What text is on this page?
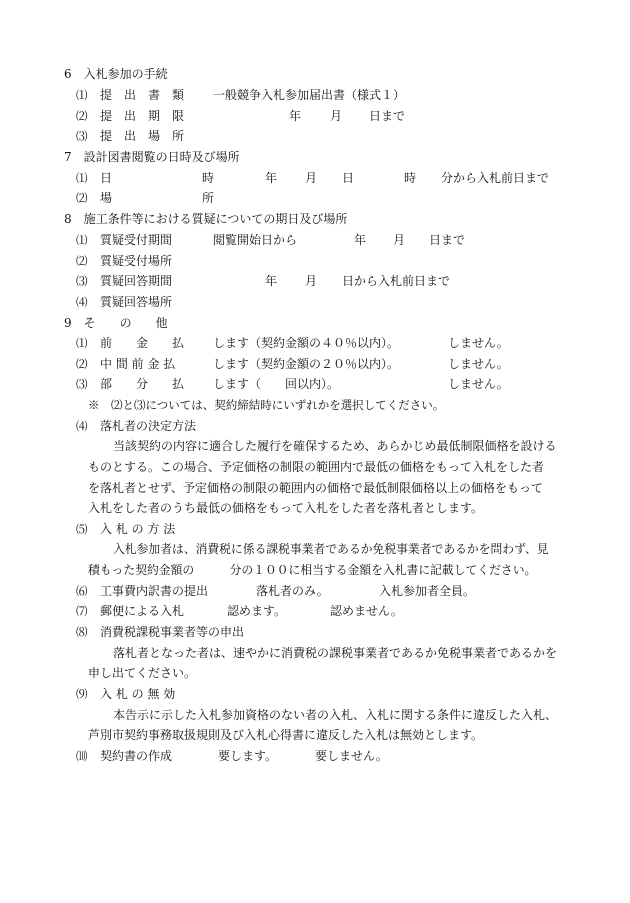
6　入札参加の手続
⑴ 提　出　書　類 一般競争入札参加届出書（様式１）
⑵ 提　出　期　限	年 月 日まで
⑶ 提　出　場　所
7　設計図書閲覧の日時及び場所
⑴ 日	時	年 月 日	時 分から入札前日まで
⑵ 場	所
8　施工条件等における質疑についての期日及び場所
⑴ 質疑受付期間	閲覧開始日から	年 月 日まで
⑵ 質疑受付場所
⑶ 質疑回答期間	年 月 日から入札前日まで
⑷ 質疑回答場所
9　そ　　の　　他
⑴ 前　　金　　払 します（契約金額の４０％以内）。	しません。
⑵ 中 間 前 金 払	します（契約金額の２０％以内）。	しません。
⑶ 部　　分　　払 します（　　回以内）。	しません。
※　⑵と⑶については、契約締結時にいずれかを選択してください。
⑷ 落札者の決定方法
当該契約の内容に適合した履行を確保するため、あらかじめ最低制限価格を設ける
ものとする。この場合、予定価格の制限の範囲内で最低の価格をもって入札をした者
を落札者とせず、予定価格の制限の範囲内の価格で最低制限価格以上の価格をもって
入札をした者のうち最低の価格をもって入札をした者を落札者とします。
⑸ 入 札 の 方 法
入札参加者は、消費税に係る課税事業者であるか免税事業者であるかを問わず、見
積もった契約金額の　　　分の１００に相当する金額を入札書に記載してください。
⑹ 工事費内訳書の提出	落札者のみ。	入札参加者全員。
⑺ 郵便による入札	認めます。	認めません。
⑻ 消費税課税事業者等の申出
落札者となった者は、速やかに消費税の課税事業者であるか免税事業者であるかを
申し出てください。
⑼ 入 札 の 無 効
本告示に示した入札参加資格のない者の入札、入札に関する条件に違反した入札、
芦別市契約事務取扱規則及び入札心得書に違反した入札は無効とします。
⑽ 契約書の作成	要します。	要しません。
